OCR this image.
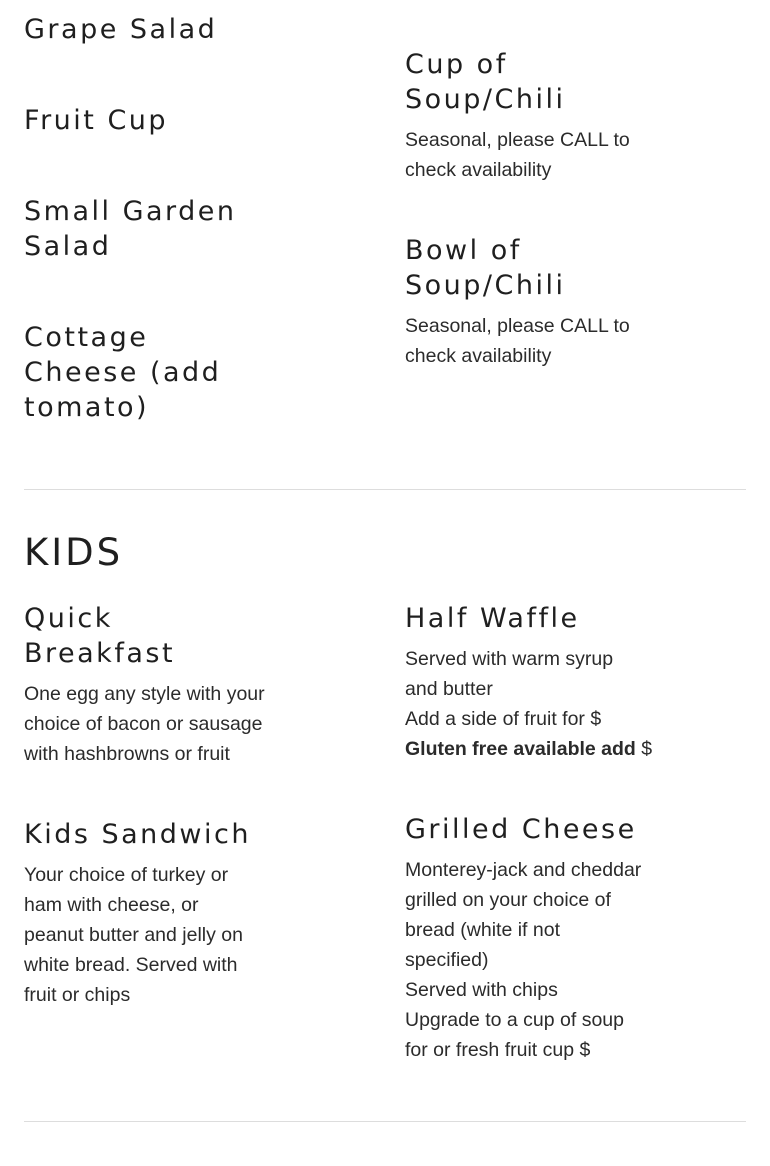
Grape Salad
Fruit Cup
Small Garden
Salad
Cottage
Cheese (add
tomato)
Cup of
Soup/Chili
Seasonal, please CALL to
check availability
Bowl of
Soup/Chili
Seasonal, please CALL to
check availability
KIDS
Quick
Breakfast
One egg any style with your
choice of bacon or sausage
with hashbrowns or fruit
Half Waffle
Served with warm syrup
and butter
Add a side of fruit for $
Gluten free available add $
Kids Sandwich
Your choice of turkey or
ham with cheese, or
peanut butter and jelly on
white bread. Served with
fruit or chips
Grilled Cheese
Monterey-jack and cheddar
grilled on your choice of
bread (white if not
specified)
Served with chips
Upgrade to a cup of soup
for or fresh fruit cup $
